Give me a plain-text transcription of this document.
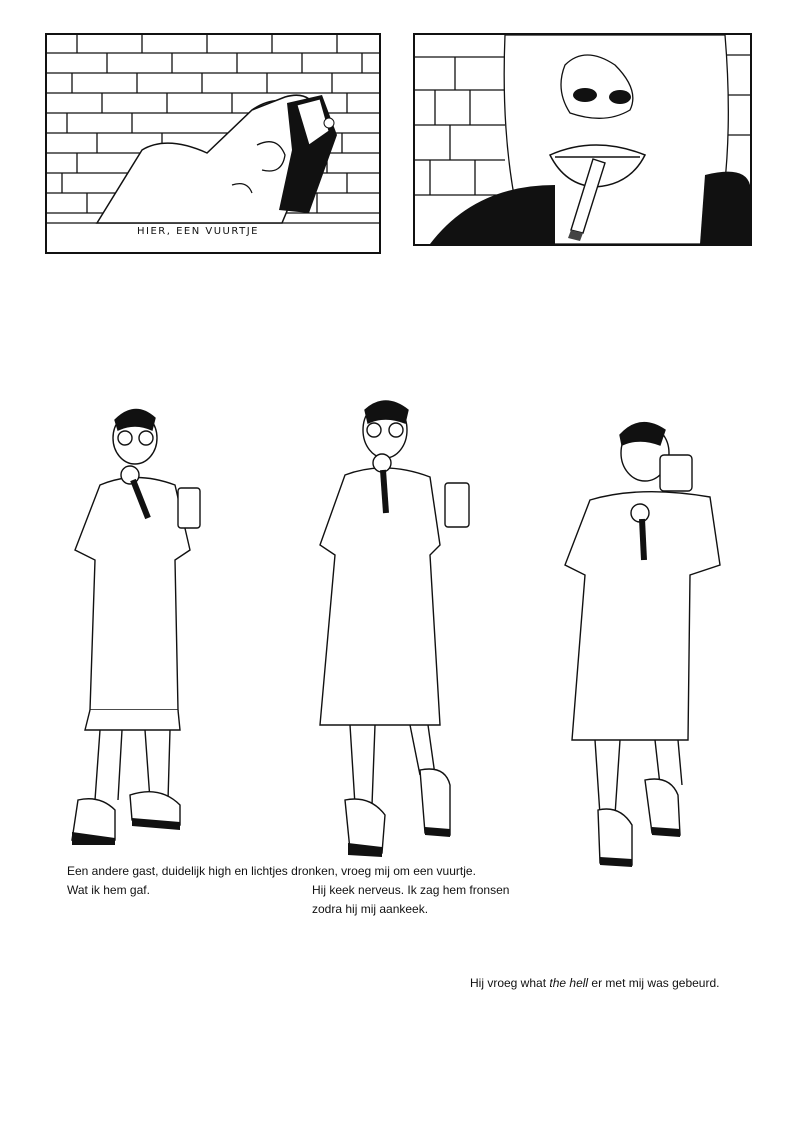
HIER, EEN VUURTJE
Een andere gast, duidelijk high en lichtjes dronken, vroeg mij om een vuurtje.
Wat ik hem gaf.	Hij keek nerveus. Ik zag hem fronsen
zodra hij mij aankeek.
Hij vroeg what the hell er met mij was gebeurd.
